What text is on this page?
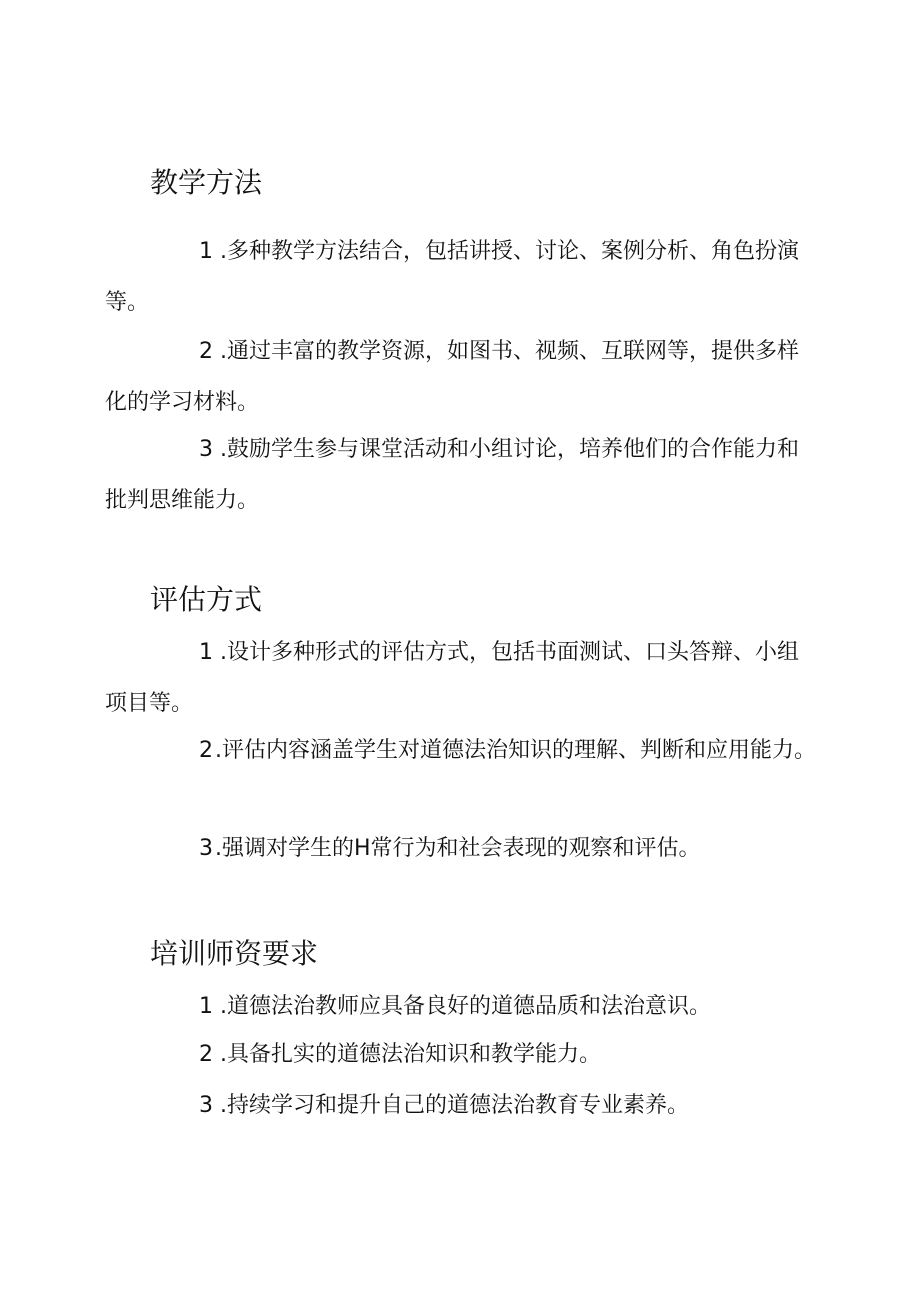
教学方法

1 .多种教学方法结合，包括讲授、讨论、案例分析、角色扮演等。

2 .通过丰富的教学资源，如图书、视频、互联网等，提供多样化的学习材料。

3 .鼓励学生参与课堂活动和小组讨论，培养他们的合作能力和批判思维能力。

评估方式

1 .设计多种形式的评估方式，包括书面测试、口头答辩、小组项目等。

2 .评估内容涵盖学生对道德法治知识的理解、判断和应用能力。

3 .强调对学生的H常行为和社会表现的观察和评估。

培训师资要求

1 .道德法治教师应具备良好的道德品质和法治意识。

2 .具备扎实的道德法治知识和教学能力。

3 .持续学习和提升自己的道德法治教育专业素养。
